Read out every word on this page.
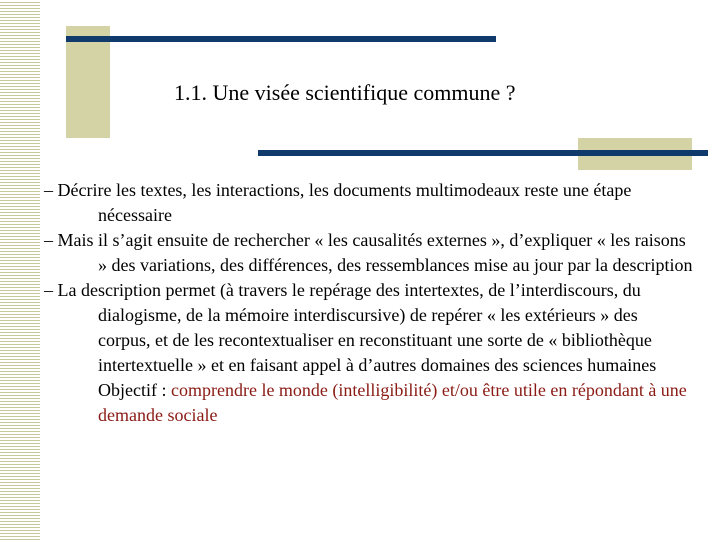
1.1. Une visée scientifique commune ?

– Décrire les textes, les interactions, les documents multimodeaux reste une étape nécessaire

– Mais il s’agit ensuite de rechercher « les causalités externes », d’expliquer « les raisons » des variations, des différences, des ressemblances mise au jour par la description

– La description permet (à travers le repérage des intertextes, de l’interdiscours, du dialogisme, de la mémoire interdiscursive) de repérer « les extérieurs » des corpus, et de les recontextualiser en reconstituant une sorte de « bibliothèque intertextuelle » et en faisant appel à d’autres domaines des sciences humaines

Objectif : comprendre le monde (intelligibilité) et/ou être utile en répondant à une demande sociale
